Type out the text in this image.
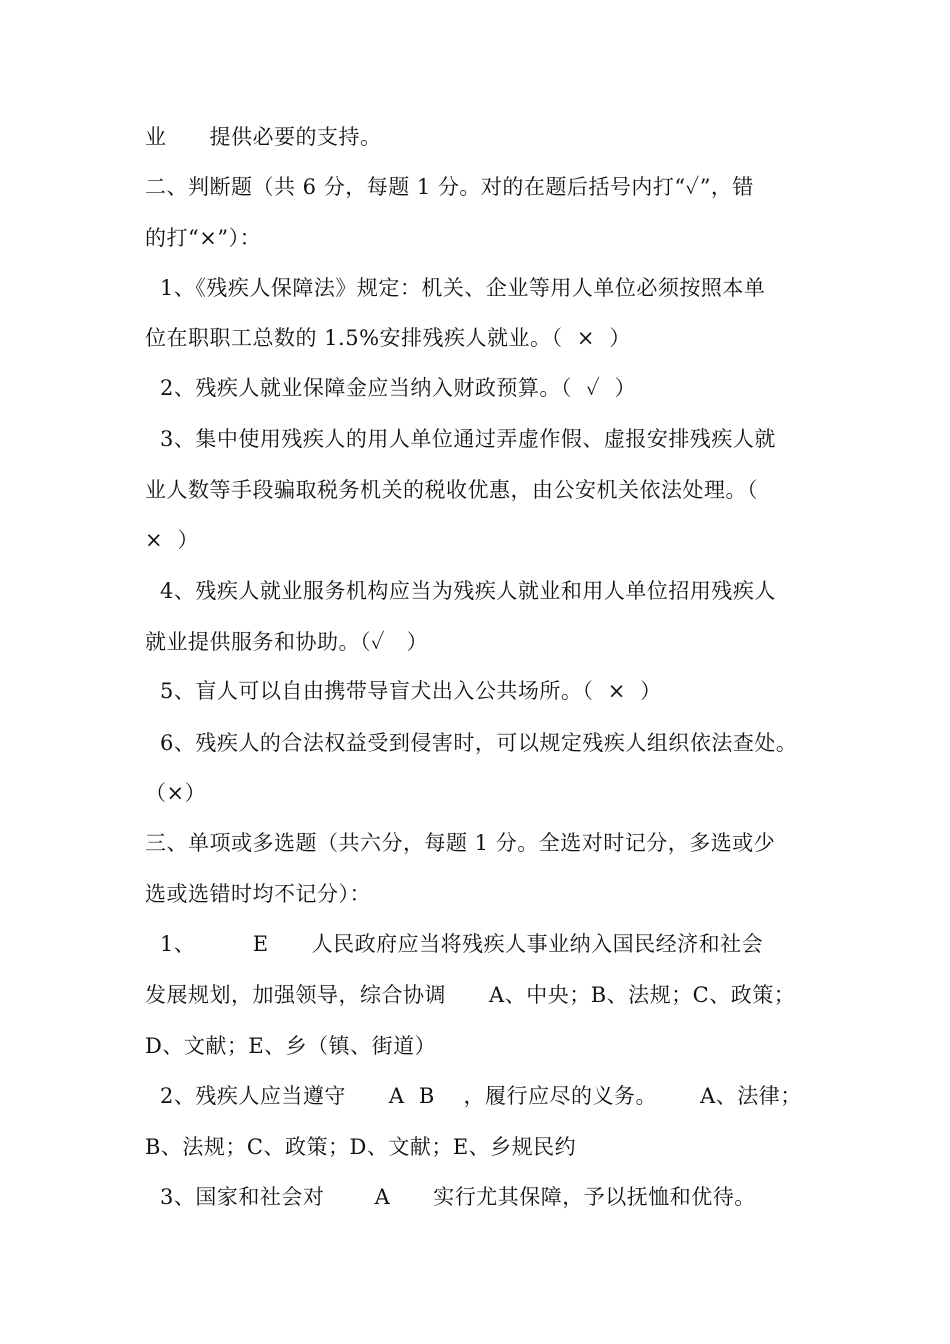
业      提供必要的支持。
二、判断题（共 6 分，每题 1 分。对的在题后括号内打“✓”，错
的打“×”）：
1、《残疾人保障法》规定：机关、企业等用人单位必须按照本单
位在职职工总数的 1.5%安排残疾人就业。（  ×  ）
2、残疾人就业保障金应当纳入财政预算。（  ✓  ）
3、集中使用残疾人的用人单位通过弄虚作假、虚报安排残疾人就
业人数等手段骗取税务机关的税收优惠，由公安机关依法处理。（
×  ）
4、残疾人就业服务机构应当为残疾人就业和用人单位招用残疾人
就业提供服务和协助。（✓   ）
5、盲人可以自由携带导盲犬出入公共场所。（  ×  ）
6、残疾人的合法权益受到侵害时，可以规定残疾人组织依法查处。
（×）
三、单项或多选题（共六分，每题 1 分。全选对时记分，多选或少
选或选错时均不记分）：
1、        E      人民政府应当将残疾人事业纳入国民经济和社会
发展规划，加强领导，综合协调      A、中央；B、法规；C、政策；
D、文献；E、乡（镇、街道）
2、残疾人应当遵守      A  B    ，履行应尽的义务。      A、法律；
B、法规；C、政策；D、文献；E、乡规民约
3、国家和社会对       A      实行尤其保障，予以抚恤和优待。
